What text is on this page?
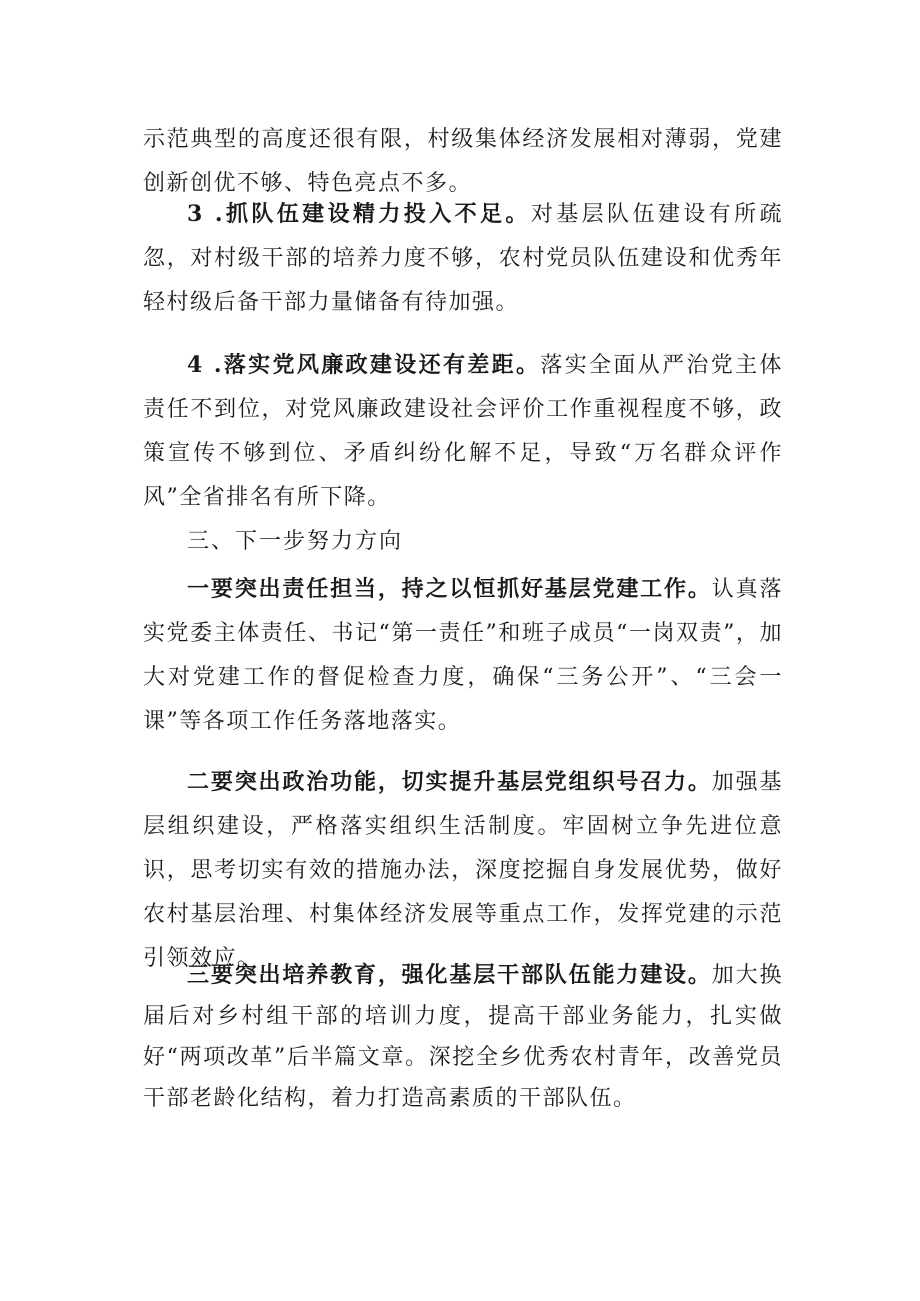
示范典型的高度还很有限，村级集体经济发展相对薄弱，党建创新创优不够、特色亮点不多。

3 .抓队伍建设精力投入不足。对基层队伍建设有所疏忽，对村级干部的培养力度不够，农村党员队伍建设和优秀年轻村级后备干部力量储备有待加强。

4 .落实党风廉政建设还有差距。落实全面从严治党主体责任不到位，对党风廉政建设社会评价工作重视程度不够，政策宣传不够到位、矛盾纠纷化解不足，导致“万名群众评作风”全省排名有所下降。

三、下一步努力方向

一要突出责任担当，持之以恒抓好基层党建工作。认真落实党委主体责任、书记“第一责任”和班子成员“一岗双责”，加大对党建工作的督促检查力度，确保“三务公开”、“三会一课”等各项工作任务落地落实。

二要突出政治功能，切实提升基层党组织号召力。加强基层组织建设，严格落实组织生活制度。牢固树立争先进位意识，思考切实有效的措施办法，深度挖掘自身发展优势，做好农村基层治理、村集体经济发展等重点工作，发挥党建的示范引领效应。

三要突出培养教育，强化基层干部队伍能力建设。加大换届后对乡村组干部的培训力度，提高干部业务能力，扎实做好“两项改革”后半篇文章。深挖全乡优秀农村青年，改善党员干部老龄化结构，着力打造高素质的干部队伍。
